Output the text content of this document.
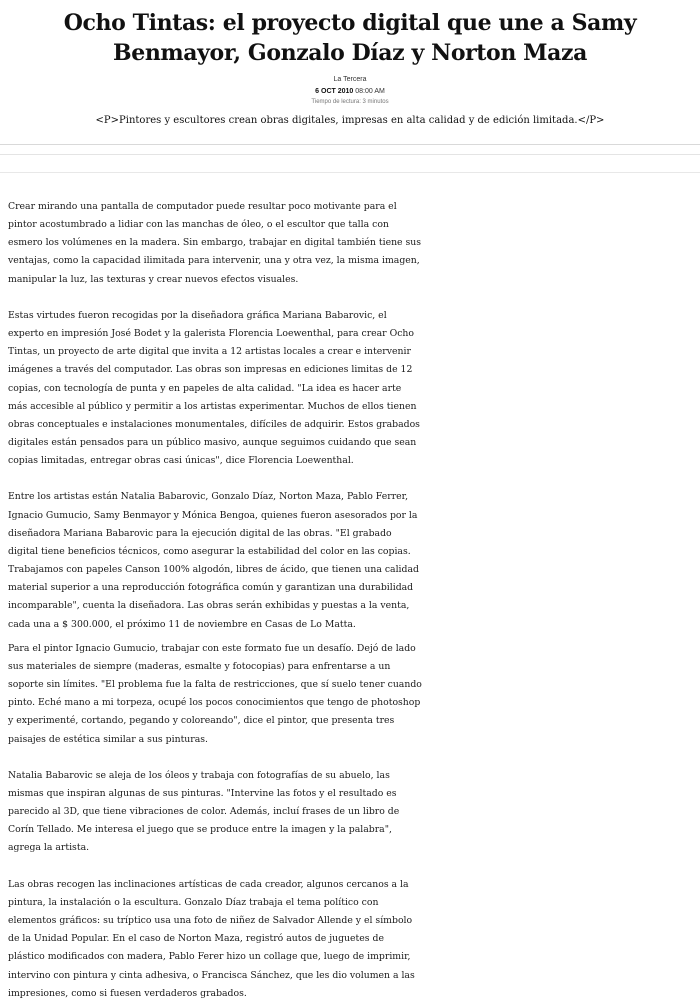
Ocho Tintas: el proyecto digital que une a Samy Benmayor, Gonzalo Díaz y Norton Maza
La Tercera
6 OCT 2010 08:00 AM
Tiempo de lectura: 3 minutos
<P>Pintores y escultores crean obras digitales, impresas en alta calidad y de edición limitada.</P>

Crear mirando una pantalla de computador puede resultar poco motivante para el pintor acostumbrado a lidiar con las manchas de óleo, o el escultor que talla con esmero los volúmenes en la madera. Sin embargo, trabajar en digital también tiene sus ventajas, como la capacidad ilimitada para intervenir, una y otra vez, la misma imagen, manipular la luz, las texturas y crear nuevos efectos visuales.

Estas virtudes fueron recogidas por la diseñadora gráfica Mariana Babarovic, el experto en impresión José Bodet y la galerista Florencia Loewenthal, para crear Ocho Tintas, un proyecto de arte digital que invita a 12 artistas locales a crear e intervenir imágenes a través del computador. Las obras son impresas en ediciones limitas de 12 copias, con tecnología de punta y en papeles de alta calidad. "La idea es hacer arte más accesible al público y permitir a los artistas experimentar. Muchos de ellos tienen obras conceptuales e instalaciones monumentales, difíciles de adquirir. Estos grabados digitales están pensados para un público masivo, aunque seguimos cuidando que sean copias limitadas, entregar obras casi únicas", dice Florencia Loewenthal.

Entre los artistas están Natalia Babarovic, Gonzalo Díaz, Norton Maza, Pablo Ferrer, Ignacio Gumucio, Samy Benmayor y Mónica Bengoa, quienes fueron asesorados por la diseñadora Mariana Babarovic para la ejecución digital de las obras. "El grabado digital tiene beneficios técnicos, como asegurar la estabilidad del color en las copias. Trabajamos con papeles Canson 100% algodón, libres de ácido, que tienen una calidad material superior a una reproducción fotográfica común y garantizan una durabilidad incomparable", cuenta la diseñadora. Las obras serán exhibidas y puestas a la venta, cada una a $ 300.000, el próximo 11 de noviembre en Casas de Lo Matta.

Para el pintor Ignacio Gumucio, trabajar con este formato fue un desafío. Dejó de lado sus materiales de siempre (maderas, esmalte y fotocopias) para enfrentarse a un soporte sin límites. "El problema fue la falta de restricciones, que sí suelo tener cuando pinto. Eché mano a mi torpeza, ocupé los pocos conocimientos que tengo de photoshop y experimenté, cortando, pegando y coloreando", dice el pintor, que presenta tres paisajes de estética similar a sus pinturas.

Natalia Babarovic se aleja de los óleos y trabaja con fotografías de su abuelo, las mismas que inspiran algunas de sus pinturas. "Intervine las fotos y el resultado es parecido al 3D, que tiene vibraciones de color. Además, incluí frases de un libro de Corín Tellado. Me interesa el juego que se produce entre la imagen y la palabra", agrega la artista.

Las obras recogen las inclinaciones artísticas de cada creador, algunos cercanos a la pintura, la instalación o la escultura. Gonzalo Díaz trabaja el tema político con elementos gráficos: su tríptico usa una foto de niñez de Salvador Allende y el símbolo de la Unidad Popular. En el caso de Norton Maza, registró autos de juguetes de plástico modificados con madera, Pablo Ferer hizo un collage que, luego de imprimir, intervino con pintura y cinta adhesiva, o Francisca Sánchez, que les dio volumen a las impresiones, como si fuesen verdaderos grabados.
